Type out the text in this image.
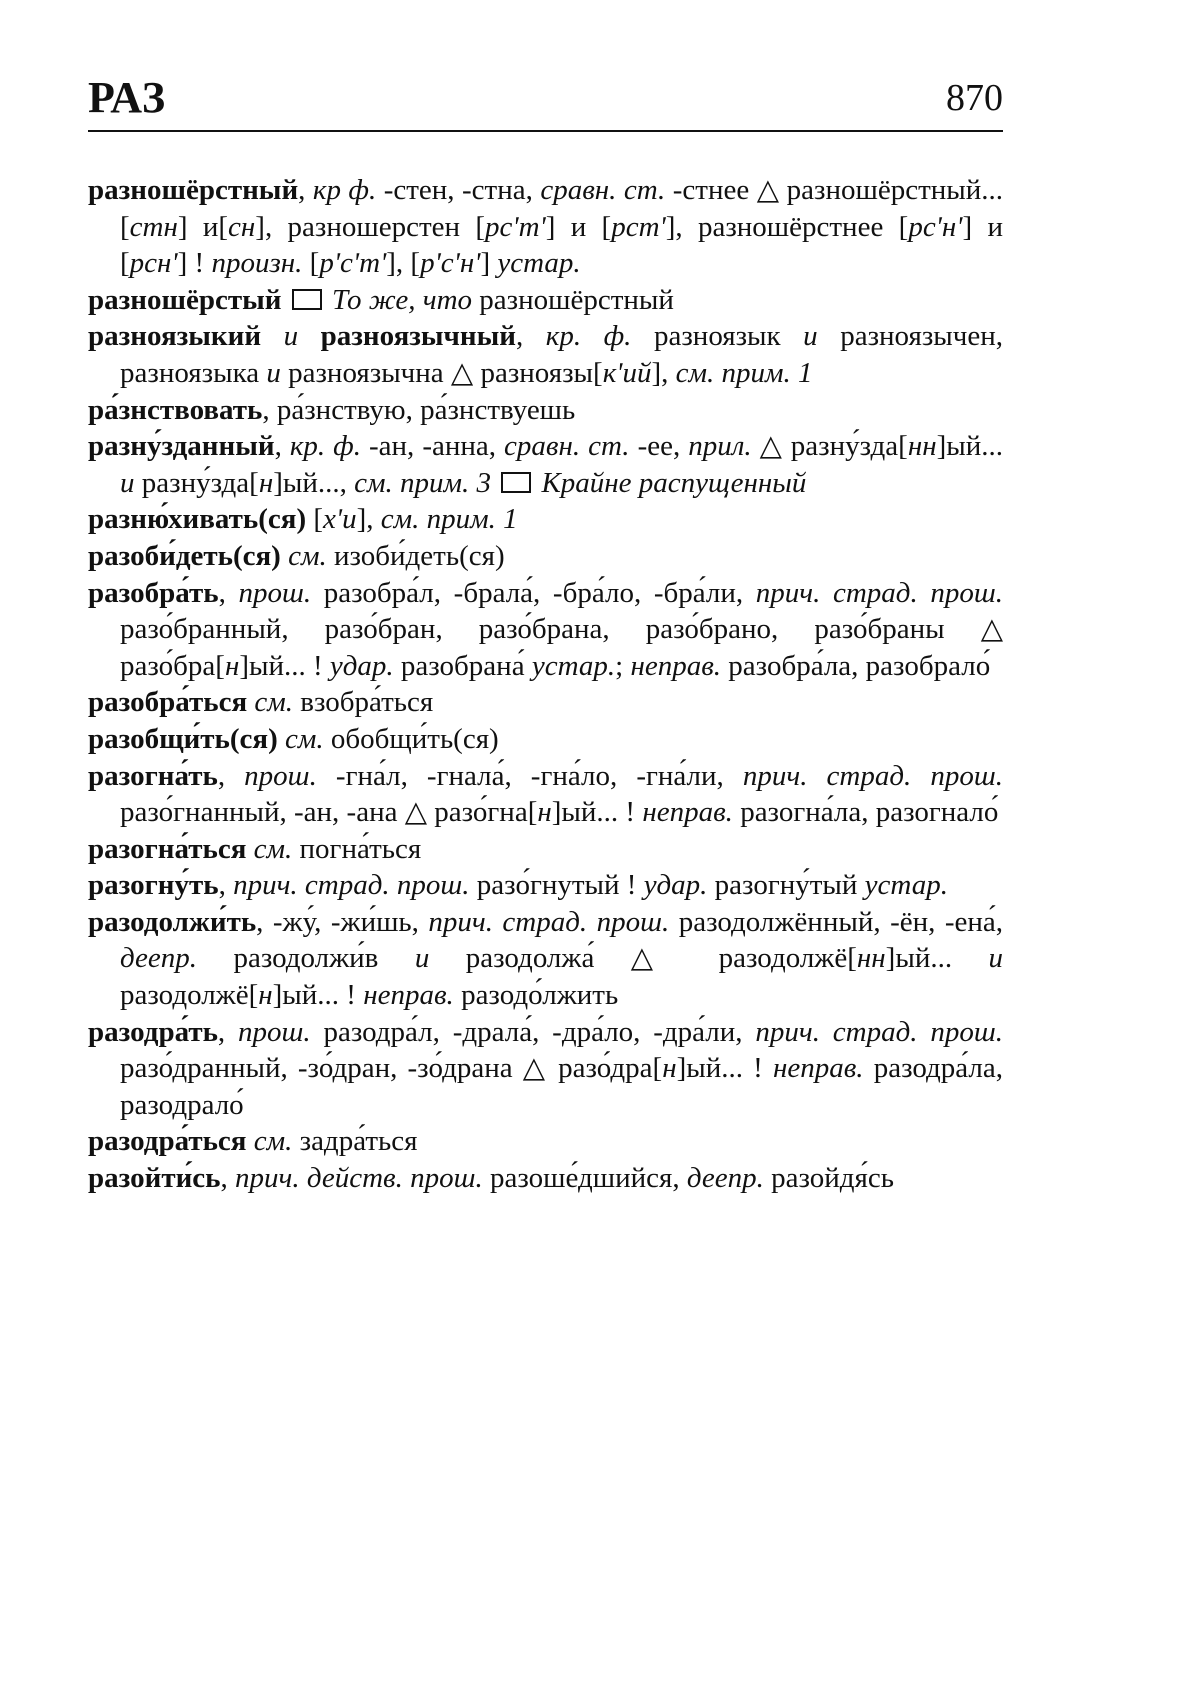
РАЗ	870

разношёрстный, кр ф. -стен, -стна, сравн. ст. -стнее △ разношёрстный... [стн] и[сн], разношерстен [рсʹтʹ] и [рстʹ], разношёрстнее [рсʹнʹ] и [рснʹ] ! произн. [рʹсʹтʹ], [рʹсʹнʹ] устар.

разношёрстый То же, что разношёрстный

разноязыкий и разноязычный, кр. ф. разноязык и разноязычен, разноязыка и разноязычна △ разноязы[кʹий], см. прим. 1

ра́знствовать, ра́знствую, ра́знствуешь

разну́зданный, кр. ф. -ан, -анна, сравн. ст. -ее, прил. △ разну́зда[нн]ый... и разну́зда[н]ый..., см. прим. 3 Крайне распущенный

разню́хивать(ся) [хʹи], см. прим. 1

разоби́деть(ся) см. изоби́деть(ся)

разобра́ть, прош. разобра́л, -брала́, -бра́ло, -бра́ли, прич. страд. прош. разо́бранный, разо́бран, разо́брана, разо́брано, разо́браны △ разо́бра[н]ый... ! удар. разобрана́ устар.; неправ. разобра́ла, разобрало́

разобра́ться см. взобра́ться

разобщи́ть(ся) см. обобщи́ть(ся)

разогна́ть, прош. -гна́л, -гнала́, -гна́ло, -гна́ли, прич. страд. прош. разо́гнанный, -ан, -ана △ разо́гна[н]ый... ! неправ. разогна́ла, разогнало́

разогна́ться см. погна́ться

разогну́ть, прич. страд. прош. разо́гнутый ! удар. разогну́тый устар.

разодолжи́ть, -жу́, -жи́шь, прич. страд. прош. разодолжённый, -ён, -ена́, деепр. разодолжи́в и разодолжа́ △ разодолжё[нн]ый... и разодолжё[н]ый... ! неправ. разодо́лжить

разодра́ть, прош. разодра́л, -драла́, -дра́ло, -дра́ли, прич. страд. прош. разо́дранный, -зо́дран, -зо́драна △ разо́дра[н]ый... ! неправ. разодра́ла, разодрало́

разодра́ться см. задра́ться

разойти́сь, прич. действ. прош. разоше́дшийся, деепр. разойдя́сь
